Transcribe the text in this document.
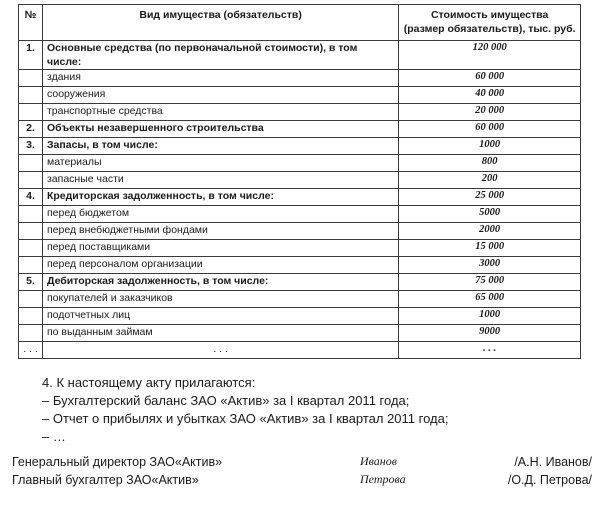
№	Вид имущества (обязательств)	Стоимость имущества
(размер обязательств), тыс. руб.

1.	Основные средства (по первоначальной стоимости), в том числе:	120 000
	здания	60 000
	сооружения	40 000
	транспортные средства	20 000
2.	Объекты незавершенного строительства	60 000
3.	Запасы, в том числе:	1000
	материалы	800
	запасные части	200
4.	Кредиторская задолженность, в том числе:	25 000
	перед бюджетом	5000
	перед внебюджетными фондами	2000
	перед поставщиками	15 000
	перед персоналом организации	3000
5.	Дебиторская задолженность, в том числе:	75 000
	покупателей и заказчиков	65 000
	подотчетных лиц	1000
	по выданным займам	9000
. . .	. . .	. . .
4. К настоящему акту прилагаются:
– Бухгалтерский баланс ЗАО «Актив» за I квартал 2011 года;
– Отчет о прибылях и убытках ЗАО «Актив» за I квартал 2011 года;
– …
Генеральный директор ЗАО«Актив»	Иванов	/А.Н. Иванов/
Главный бухгалтер ЗАО«Актив»	Петрова	/О.Д. Петрова/
